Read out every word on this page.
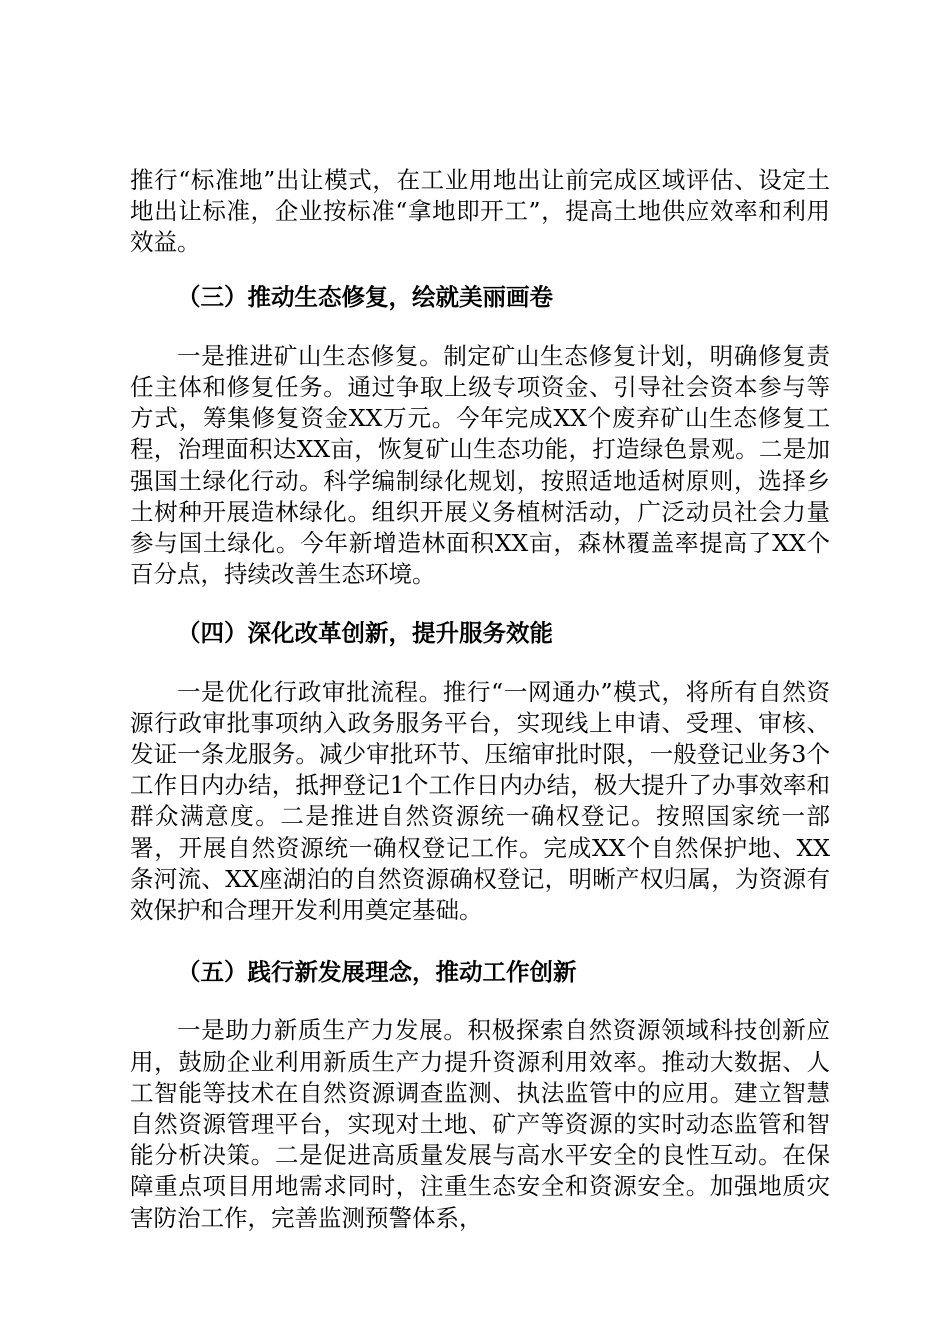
推行“标准地”出让模式，在工业用地出让前完成区域评估、设定土地出让标准，企业按标准“拿地即开工”，提高土地供应效率和利用效益。

（三）推动生态修复，绘就美丽画卷

一是推进矿山生态修复。制定矿山生态修复计划，明确修复责任主体和修复任务。通过争取上级专项资金、引导社会资本参与等方式，筹集修复资金XX万元。今年完成XX个废弃矿山生态修复工程，治理面积达XX亩，恢复矿山生态功能，打造绿色景观。二是加强国土绿化行动。科学编制绿化规划，按照适地适树原则，选择乡土树种开展造林绿化。组织开展义务植树活动，广泛动员社会力量参与国土绿化。今年新增造林面积XX亩，森林覆盖率提高了XX个百分点，持续改善生态环境。

（四）深化改革创新，提升服务效能

一是优化行政审批流程。推行“一网通办”模式，将所有自然资源行政审批事项纳入政务服务平台，实现线上申请、受理、审核、发证一条龙服务。减少审批环节、压缩审批时限，一般登记业务3个工作日内办结，抵押登记1个工作日内办结，极大提升了办事效率和群众满意度。二是推进自然资源统一确权登记。按照国家统一部署，开展自然资源统一确权登记工作。完成XX个自然保护地、XX条河流、XX座湖泊的自然资源确权登记，明晰产权归属，为资源有效保护和合理开发利用奠定基础。

（五）践行新发展理念，推动工作创新

一是助力新质生产力发展。积极探索自然资源领域科技创新应用，鼓励企业利用新质生产力提升资源利用效率。推动大数据、人工智能等技术在自然资源调查监测、执法监管中的应用。建立智慧自然资源管理平台，实现对土地、矿产等资源的实时动态监管和智能分析决策。二是促进高质量发展与高水平安全的良性互动。在保障重点项目用地需求同时，注重生态安全和资源安全。加强地质灾害防治工作，完善监测预警体系，
